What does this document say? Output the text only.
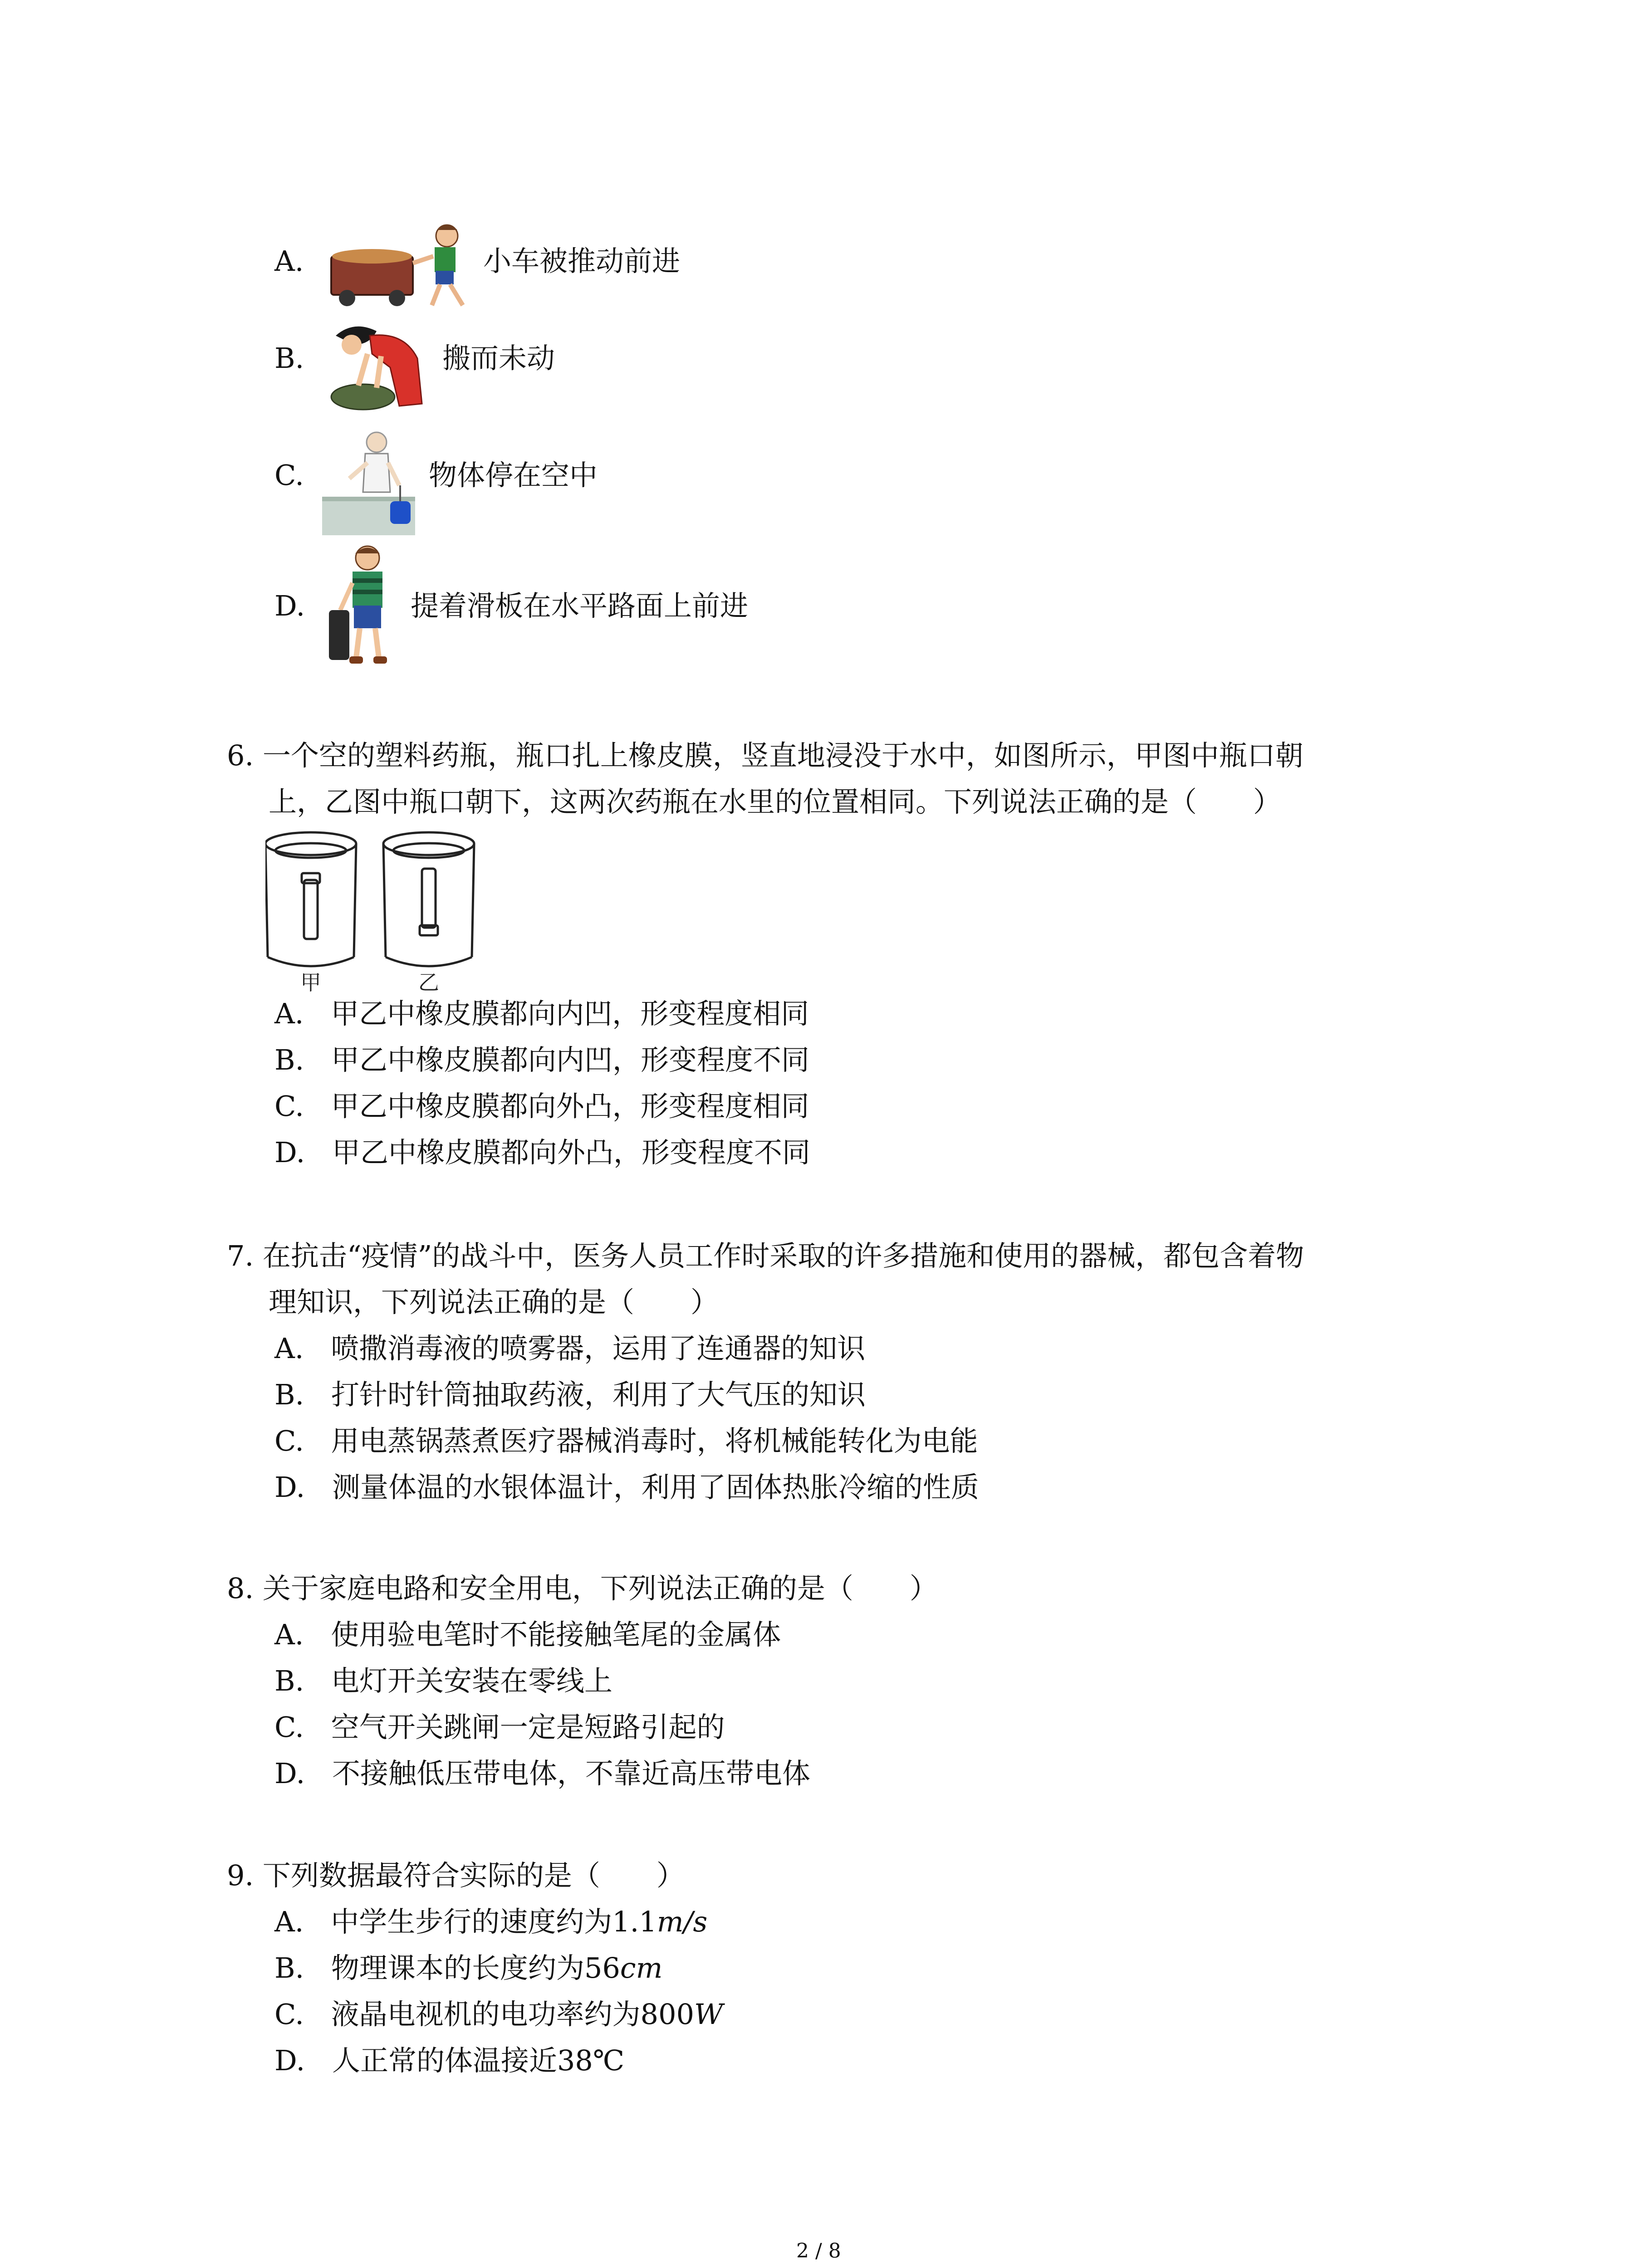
A.	小车被推动前进
B.	搬而未动
C.	物体停在空中
D.	提着滑板在水平路面上前进
6. 一个空的塑料药瓶，瓶口扎上橡皮膜，竖直地浸没于水中，如图所示，甲图中瓶口朝
上，乙图中瓶口朝下，这两次药瓶在水里的位置相同。下列说法正确的是（　　）
甲	乙
A. 甲乙中橡皮膜都向内凹，形变程度相同
B. 甲乙中橡皮膜都向内凹，形变程度不同
C. 甲乙中橡皮膜都向外凸，形变程度相同
D. 甲乙中橡皮膜都向外凸，形变程度不同
7. 在抗击“疫情”的战斗中，医务人员工作时采取的许多措施和使用的器械，都包含着物
理知识，下列说法正确的是（　　）
A. 喷撒消毒液的喷雾器，运用了连通器的知识
B. 打针时针筒抽取药液，利用了大气压的知识
C. 用电蒸锅蒸煮医疗器械消毒时，将机械能转化为电能
D. 测量体温的水银体温计，利用了固体热胀冷缩的性质
8. 关于家庭电路和安全用电，下列说法正确的是（　　）
A. 使用验电笔时不能接触笔尾的金属体
B. 电灯开关安装在零线上
C. 空气开关跳闸一定是短路引起的
D. 不接触低压带电体，不靠近高压带电体
9. 下列数据最符合实际的是（　　）
A. 中学生步行的速度约为1.1m/s
B. 物理课本的长度约为56cm
C. 液晶电视机的电功率约为800W
D. 人正常的体温接近38℃
2 / 8
